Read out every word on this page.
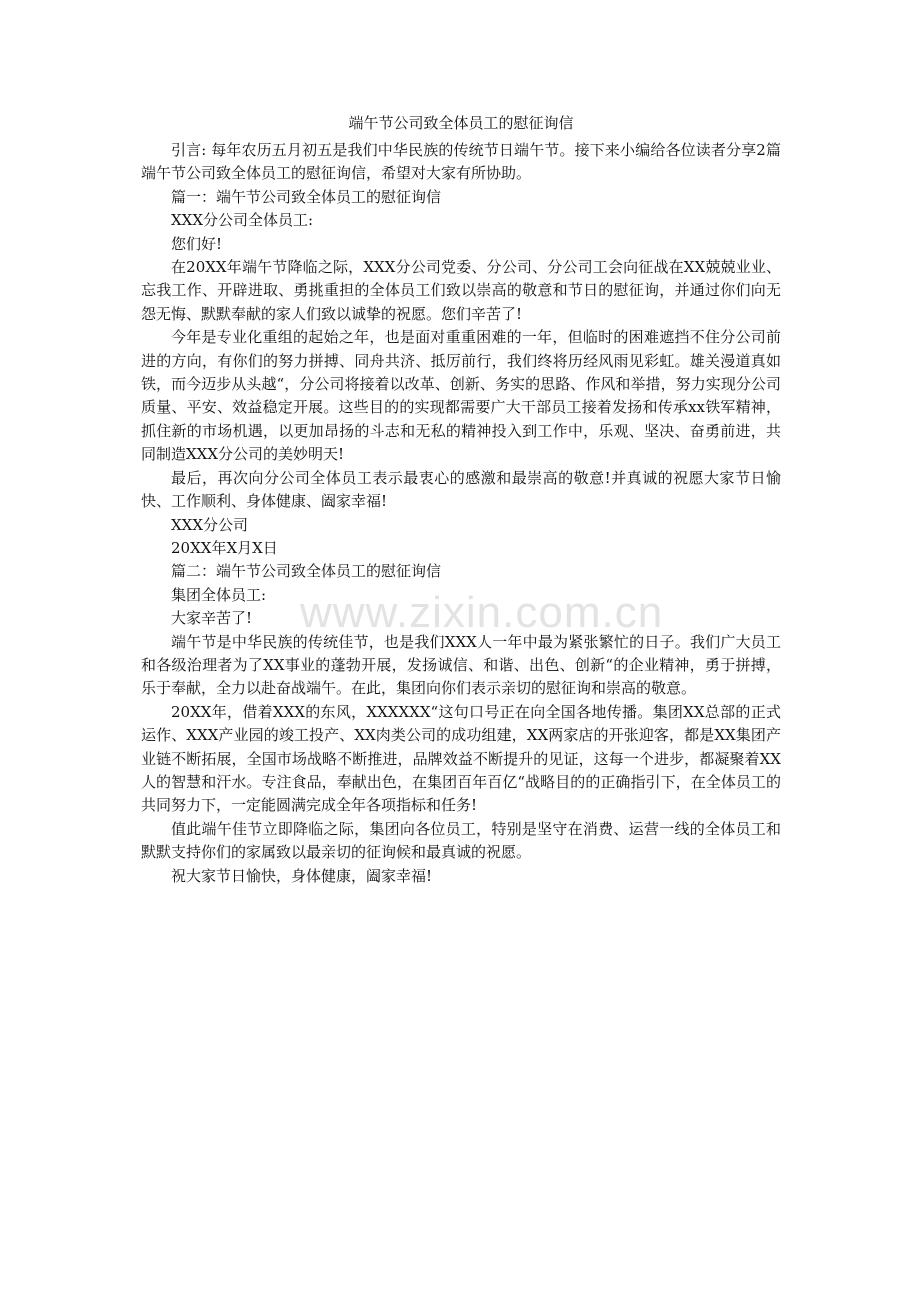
www.zixin.com.cn
端午节公司致全体员工的慰征询信

引言: 每年农历五月初五是我们中华民族的传统节日端午节。接下来小编给各位读者分享2篇端午节公司致全体员工的慰征询信，希望对大家有所协助。

篇一：端午节公司致全体员工的慰征询信

XXX分公司全体员工:

您们好!

在20XX年端午节降临之际，XXX分公司党委、分公司、分公司工会向征战在XX兢兢业业、忘我工作、开辟进取、勇挑重担的全体员工们致以崇高的敬意和节日的慰征询，并通过你们向无怨无悔、默默奉献的家人们致以诚挚的祝愿。您们辛苦了!

今年是专业化重组的起始之年，也是面对重重困难的一年，但临时的困难遮挡不住分公司前进的方向，有你们的努力拼搏、同舟共济、抵厉前行，我们终将历经风雨见彩虹。雄关漫道真如铁，而今迈步从头越“，分公司将接着以改革、创新、务实的思路、作风和举措，努力实现分公司质量、平安、效益稳定开展。这些目的的实现都需要广大干部员工接着发扬和传承xx铁军精神，抓住新的市场机遇，以更加昂扬的斗志和无私的精神投入到工作中，乐观、坚决、奋勇前进，共同制造XXX分公司的美妙明天!

最后，再次向分公司全体员工表示最衷心的感激和最崇高的敬意!并真诚的祝愿大家节日愉快、工作顺利、身体健康、阖家幸福!

XXX分公司

20XX年X月X日

篇二：端午节公司致全体员工的慰征询信

集团全体员工:

大家辛苦了!

端午节是中华民族的传统佳节，也是我们XXX人一年中最为紧张繁忙的日子。我们广大员工和各级治理者为了XX事业的蓬勃开展，发扬诚信、和谐、出色、创新“的企业精神，勇于拼搏，乐于奉献，全力以赴奋战端午。在此，集团向你们表示亲切的慰征询和崇高的敬意。

20XX年，借着XXX的东风，XXXXXX“这句口号正在向全国各地传播。集团XX总部的正式运作、XXX产业园的竣工投产、XX肉类公司的成功组建，XX两家店的开张迎客，都是XX集团产业链不断拓展，全国市场战略不断推进，品牌效益不断提升的见证，这每一个进步，都凝聚着XX人的智慧和汗水。专注食品，奉献出色，在集团百年百亿“战略目的的正确指引下，在全体员工的共同努力下，一定能圆满完成全年各项指标和任务!

值此端午佳节立即降临之际，集团向各位员工，特别是坚守在消费、运营一线的全体员工和默默支持你们的家属致以最亲切的征询候和最真诚的祝愿。

祝大家节日愉快，身体健康，阖家幸福!
